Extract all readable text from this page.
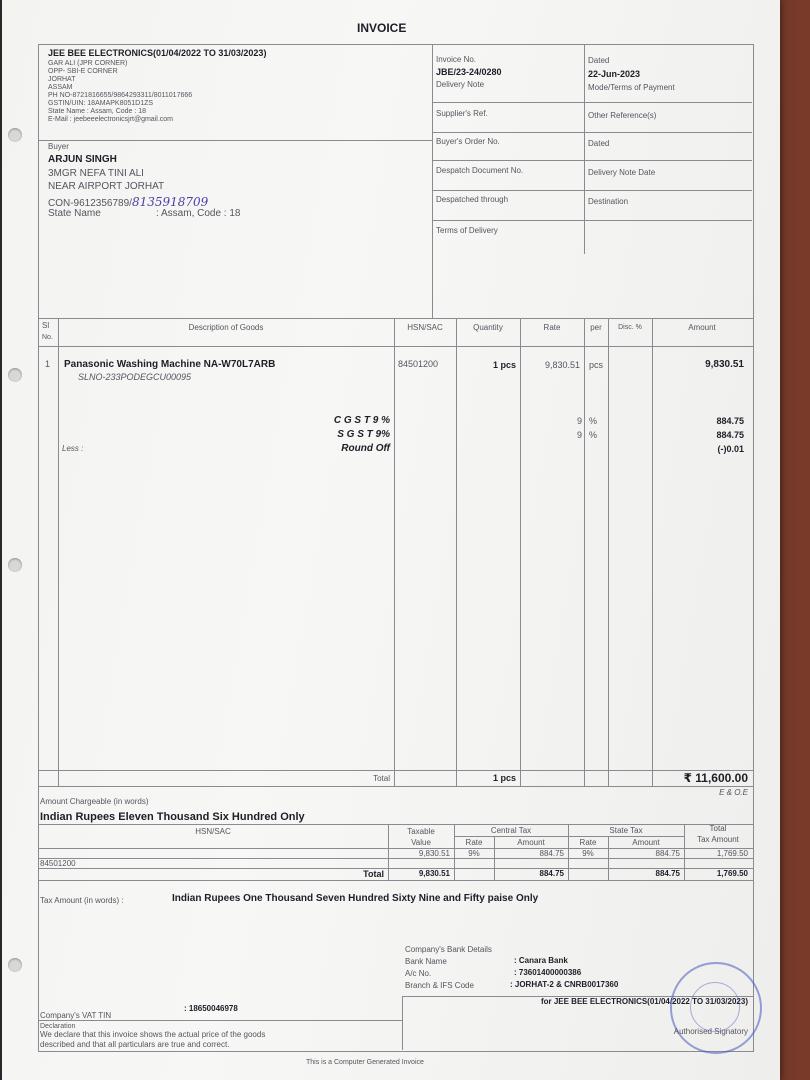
INVOICE
JEE BEE ELECTRONICS(01/04/2022 TO 31/03/2023)
GAR ALI (JPR CORNER)
OPP- SBI-E CORNER
JORHAT
ASSAM
PH NO-8721816655/9864293311/8011017666
GSTIN/UIN: 18AMAPK8051D1ZS
State Name : Assam, Code : 18
E-Mail : jeebeeelectronicsjrt@gmail.com
Buyer
ARJUN SINGH
3MGR NEFA TINI ALI
NEAR AIRPORT JORHAT
CON-9612356789/8135918709
State Name	: Assam, Code : 18
Invoice No.
JBE/23-24/0280
Dated
22-Jun-2023
Delivery Note	Mode/Terms of Payment
Supplier's Ref.	Other Reference(s)
Buyer's Order No.	Dated
Despatch Document No.	Delivery Note Date
Despatched through	Destination
Terms of Delivery
Sl
No.
Description of Goods	HSN/SAC	Quantity	Rate	per	Disc. %	Amount
1 Panasonic Washing Machine NA-W70L7ARB
SLNO-233PODEGCU00095
84501200	1 pcs	9,830.51 pcs	9,830.51
C G S T 9 %	9 %	884.75
S G S T 9%	9 %	884.75
Less :	Round Off	(-)0.01
Total	1 pcs	₹ 11,600.00
E & O.E
Amount Chargeable (in words)
Indian Rupees Eleven Thousand Six Hundred Only
HSN/SAC	Taxable
Value
Central Tax	State Tax	Total
Tax Amount
Rate	Amount	Rate	Amount
84501200
9,830.51	9%	884.75	9%	884.75	1,769.50
Total	9,830.51	884.75	884.75	1,769.50
Tax Amount (in words) :	Indian Rupees One Thousand Seven Hundred Sixty Nine and Fifty paise Only
Company's Bank Details
Bank Name	: Canara Bank
A/c No.	: 73601400000386
Branch & IFS Code	: JORHAT-2 & CNRB0017360
Company's VAT TIN
: 18650046978
Declaration
We declare that this invoice shows the actual price of the goods
described and that all particulars are true and correct.
for JEE BEE ELECTRONICS(01/04/2022 TO 31/03/2023)
Authorised Signatory
This is a Computer Generated Invoice
